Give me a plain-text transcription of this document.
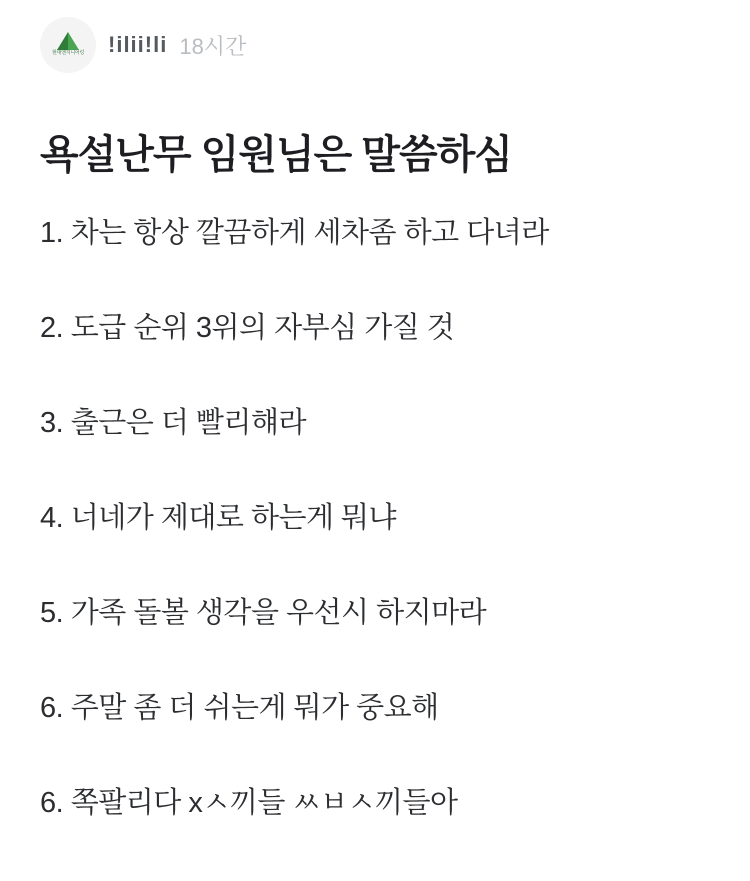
현대엔지니어링 !ilii!li 18시간
욕설난무 임원님은 말씀하심
1. 차는 항상 깔끔하게 세차좀 하고 다녀라
2. 도급 순위 3위의 자부심 가질 것
3. 출근은 더 빨리햬라
4. 너네가 제대로 하는게 뭐냐
5. 가족 돌볼 생각을 우선시 하지마라
6. 주말 좀 더 쉬는게 뭐가 중요해
6. 쪽팔리다 xㅅ끼들 ㅆㅂㅅ끼들아
